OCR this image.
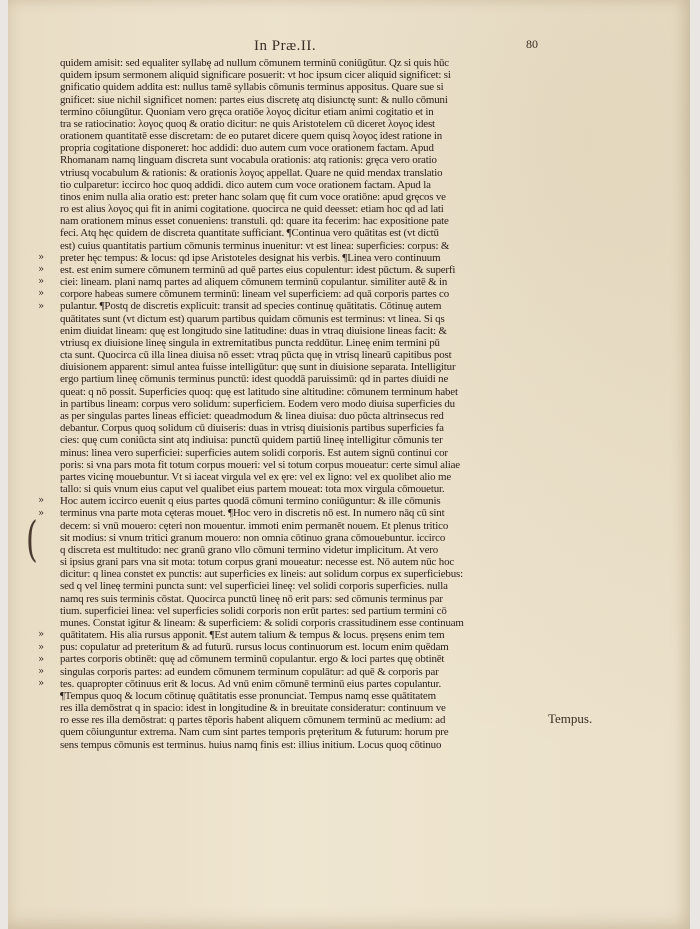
In Præ.II.	80
»
»
»
»
»
»
»
»
»
»
»
»
(
quidem amisit: sed equaliter syllabę ad nullum cōmunem terminū coniūgūtur. Qz si quis hūc
quidem ipsum sermonem aliquid significare posuerit: vt hoc ipsum cicer aliquid significet: si
gnificatio quidem addita est: nullus tamē syllabis cōmunis terminus appositus. Quare sue si
gnificet: siue nichil significet nomen: partes eius discretę atq disiunctę sunt: & nullo cōmuni
termino cōiungūtur. Quoniam vero gręca oratiōe λογος dicitur etiam animi cogitatio et in
tra se ratiocinatio: λογος quoq & oratio dicitur: ne quis Aristotelem cū diceret λογος idest
orationem quantitatē esse discretam: de eo putaret dicere quem quisq λογος idest ratione in
propria cogitatione disponeret: hoc addidi: duo autem cum voce orationem factam. Apud
Rhomanam namq linguam discreta sunt vocabula orationis: atq rationis: gręca vero oratio
vtriusq vocabulum & rationis: & orationis λογος appellat. Quare ne quid mendax translatio
tio culparetur: iccirco hoc quoq addidi. dico autem cum voce orationem factam. Apud la
tinos enim nulla alia oratio est: preter hanc solam quę fit cum voce oratiōne: apud gręcos ve
ro est alius λογος qui fit in animi cogitatione. quocirca ne quid deesset: etiam hoc qd ad lati
nam orationem minus esset conueniens: transtuli. qd: quare ita fecerim: hac expositione pate
feci. Atq hęc quidem de discreta quantitate sufficiant. ¶Continua vero quātitas est (vt dictū
est) cuius quantitatis partium cōmunis terminus inuenitur: vt est linea: superficies: corpus: &
preter hęc tempus: & locus: qd ipse Aristoteles designat his verbis. ¶Linea vero continuum
est. est enim sumere cōmunem terminū ad quē partes eius copulentur: idest pūctum. & superfi
ciei: lineam. plani namq partes ad aliquem cōmunem terminū copulantur. similiter autē & in
corpore habeas sumere cōmunem terminū: lineam vel superficiem: ad quā corporis partes co
pulantur. ¶Postq de discretis explicuit: transit ad species continuę quātitatis. Cōtinuę autem
quātitates sunt (vt dictum est) quarum partibus quidam cōmunis est terminus: vt linea. Si qs
enim diuidat lineam: quę est longitudo sine latitudine: duas in vtraq diuisione lineas facit: &
vtriusq ex diuisione lineę singula in extremitatibus puncta reddūtur. Lineę enim termini pū
cta sunt. Quocirca cū illa linea diuisa nō esset: vtraq pūcta quę in vtrisq linearū capitibus post
diuisionem apparent: simul antea fuisse intelligūtur: quę sunt in diuisione separata. Intelligitur
ergo partium lineę cōmunis terminus punctū: idest quoddā paruissimū: qd in partes diuidi ne
queat: q nō possit. Superficies quoq: quę est latitudo sine altitudine: cōmunem terminum habet
in partibus lineam: corpus vero solidum: superficiem. Eodem vero modo diuisa superficies du
as per singulas partes lineas efficiet: queadmodum & linea diuisa: duo pūcta altrinsecus red
debantur. Corpus quoq solidum cū diuiseris: duas in vtrisq diuisionis partibus superficies fa
cies: quę cum coniūcta sint atq indiuisa: punctū quidem partiū lineę intelligitur cōmunis ter
minus: linea vero superficiei: superficies autem solidi corporis. Est autem signū continui cor
poris: si vna pars mota fit totum corpus moueri: vel si totum corpus moueatur: certe simul aliae
partes vicinę mouebuntur. Vt si iaceat virgula vel ex ęre: vel ex ligno: vel ex quolibet alio me
tallo: si quis vnum eius caput vel qualibet eius partem moueat: tota mox virgula cōmouetur.
Hoc autem iccirco euenit q eius partes quodā cōmuni termino coniūguntur: & ille cōmunis
terminus vna parte mota cęteras mouet. ¶Hoc vero in discretis nō est. In numero nāq cū sint
decem: si vnū mouero: cęteri non mouentur. immoti enim permanēt nouem. Et plenus tritico
sit modius: si vnum tritici granum mouero: non omnia cōtinuo grana cōmouebuntur. iccirco
q discreta est multitudo: nec granū grano vllo cōmuni termino videtur implicitum. At vero
si ipsius grani pars vna sit mota: totum corpus grani moueatur: necesse est. Nō autem nūc hoc
dicitur: q linea constet ex punctis: aut superficies ex lineis: aut solidum corpus ex superficiebus:
sed q vel lineę termini puncta sunt: vel superficiei lineę: vel solidi corporis superficies. nulla
namq res suis terminis cōstat. Quocirca punctū lineę nō erit pars: sed cōmunis terminus par
tium. superficiei linea: vel superficies solidi corporis non erūt partes: sed partium termini cō
munes. Constat igitur & lineam: & superficiem: & solidi corporis crassitudinem esse continuam
quātitatem. His alia rursus apponit. ¶Est autem talium & tempus & locus. pręsens enim tem
pus: copulatur ad preteritum & ad futurū. rursus locus continuorum est. locum enim quēdam
partes corporis obtinēt: quę ad cōmunem terminū copulantur. ergo & loci partes quę obtinēt
singulas corporis partes: ad eundem cōmunem terminum copulātur: ad quē & corporis par
tes. quapropter cōtinuus erit & locus. Ad vnū enim cōmunē terminū eius partes copulantur.
¶Tempus quoq & locum cōtinuę quātitatis esse pronunciat. Tempus namq esse quātitatem
res illa demōstrat q in spacio: idest in longitudine & in breuitate consideratur: continuum ve
ro esse res illa demōstrat: q partes tēporis habent aliquem cōmunem terminū ac medium: ad
quem cōiunguntur extrema. Nam cum sint partes temporis pręteritum & futurum: horum pre
sens tempus cōmunis est terminus. huius namq finis est: illius initium. Locus quoq cōtinuo
Tempus.
